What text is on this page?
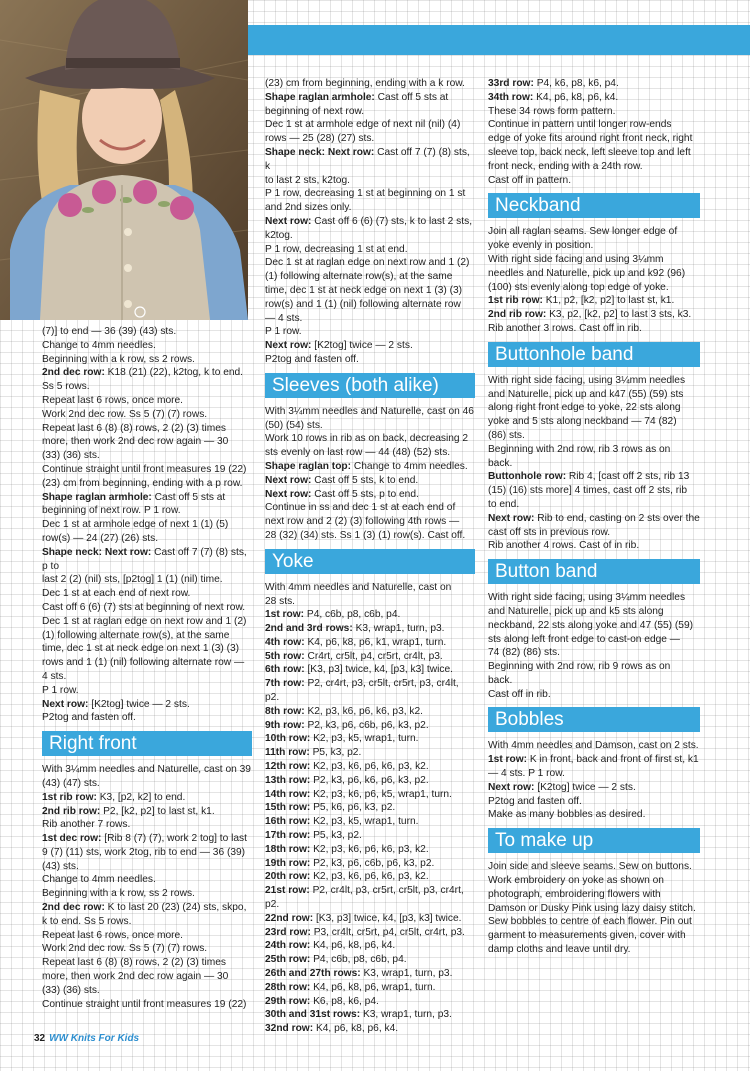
(7)] to end — 36 (39) (43) sts.

Change to 4mm needles.

Beginning with a k row, ss 2 rows.

2nd dec row: K18 (21) (22), k2tog, k to end.

Ss 5 rows.

Repeat last 6 rows, once more.

Work 2nd dec row. Ss 5 (7) (7) rows.

Repeat last 6 (8) (8) rows, 2 (2) (3) times

more, then work 2nd dec row again — 30

(33) (36) sts.

Continue straight until front measures 19 (22)

(23) cm from beginning, ending with a p row.

Shape raglan armhole: Cast off 5 sts at

beginning of next row. P 1 row.

Dec 1 st at armhole edge of next 1 (1) (5)

row(s) — 24 (27) (26) sts.

Shape neck: Next row: Cast off 7 (7) (8) sts, p to

last 2 (2) (nil) sts, [p2tog] 1 (1) (nil) time.

Dec 1 st at each end of next row.

Cast off 6 (6) (7) sts at beginning of next row.

Dec 1 st at raglan edge on next row and 1 (2)

(1) following alternate row(s), at the same

time, dec 1 st at neck edge on next 1 (3) (3)

rows and 1 (1) (nil) following alternate row —

4 sts.

P 1 row.

Next row: [K2tog] twice — 2 sts.

P2tog and fasten off.

Right front

With 3¼mm needles and Naturelle, cast on 39

(43) (47) sts.

1st rib row: K3, [p2, k2] to end.

2nd rib row: P2, [k2, p2] to last st, k1.

Rib another 7 rows.

1st dec row: [Rib 8 (7) (7), work 2 tog] to last

9 (7) (11) sts, work 2tog, rib to end — 36 (39)

(43) sts.

Change to 4mm needles.

Beginning with a k row, ss 2 rows.

2nd dec row: K to last 20 (23) (24) sts, skpo,

k to end. Ss 5 rows.

Repeat last 6 rows, once more.

Work 2nd dec row. Ss 5 (7) (7) rows.

Repeat last 6 (8) (8) rows, 2 (2) (3) times

more, then work 2nd dec row again — 30

(33) (36) sts.

Continue straight until front measures 19 (22)

(23) cm from beginning, ending with a k row.

Shape raglan armhole: Cast off 5 sts at

beginning of next row.

Dec 1 st at armhole edge of next nil (nil) (4)

rows — 25 (28) (27) sts.

Shape neck: Next row: Cast off 7 (7) (8) sts, k

to last 2 sts, k2tog.

P 1 row, decreasing 1 st at beginning on 1 st

and 2nd sizes only.

Next row: Cast off 6 (6) (7) sts, k to last 2 sts,

k2tog.

P 1 row, decreasing 1 st at end.

Dec 1 st at raglan edge on next row and 1 (2)

(1) following alternate row(s), at the same

time, dec 1 st at neck edge on next 1 (3) (3)

row(s) and 1 (1) (nil) following alternate row

— 4 sts.

P 1 row.

Next row: [K2tog] twice — 2 sts.

P2tog and fasten off.

Sleeves (both alike)

With 3¼mm needles and Naturelle, cast on 46

(50) (54) sts.

Work 10 rows in rib as on back, decreasing 2

sts evenly on last row — 44 (48) (52) sts.

Shape raglan top: Change to 4mm needles.

Next row: Cast off 5 sts, k to end.

Next row: Cast off 5 sts, p to end.

Continue in ss and dec 1 st at each end of

next row and 2 (2) (3) following 4th rows —

28 (32) (34) sts. Ss 1 (3) (1) row(s). Cast off.

Yoke

With 4mm needles and Naturelle, cast on

28 sts.

1st row: P4, c6b, p8, c6b, p4.

2nd and 3rd rows: K3, wrap1, turn, p3.

4th row: K4, p6, k8, p6, k1, wrap1, turn.

5th row: Cr4rt, cr5lt, p4, cr5rt, cr4lt, p3.

6th row: [K3, p3] twice, k4, [p3, k3] twice.

7th row: P2, cr4rt, p3, cr5lt, cr5rt, p3, cr4lt, p2.

8th row: K2, p3, k6, p6, k6, p3, k2.

9th row: P2, k3, p6, c6b, p6, k3, p2.

10th row: K2, p3, k5, wrap1, turn.

11th row: P5, k3, p2.

12th row: K2, p3, k6, p6, k6, p3, k2.

13th row: P2, k3, p6, k6, p6, k3, p2.

14th row: K2, p3, k6, p6, k5, wrap1, turn.

15th row: P5, k6, p6, k3, p2.

16th row: K2, p3, k5, wrap1, turn.

17th row: P5, k3, p2.

18th row: K2, p3, k6, p6, k6, p3, k2.

19th row: P2, k3, p6, c6b, p6, k3, p2.

20th row: K2, p3, k6, p6, k6, p3, k2.

21st row: P2, cr4lt, p3, cr5rt, cr5lt, p3, cr4rt, p2.

22nd row: [K3, p3] twice, k4, [p3, k3] twice.

23rd row: P3, cr4lt, cr5rt, p4, cr5lt, cr4rt, p3.

24th row: K4, p6, k8, p6, k4.

25th row: P4, c6b, p8, c6b, p4.

26th and 27th rows: K3, wrap1, turn, p3.

28th row: K4, p6, k8, p6, wrap1, turn.

29th row: K6, p8, k6, p4.

30th and 31st rows: K3, wrap1, turn, p3.

32nd row: K4, p6, k8, p6, k4.

33rd row: P4, k6, p8, k6, p4.

34th row: K4, p6, k8, p6, k4.

These 34 rows form pattern.

Continue in pattern until longer row-ends

edge of yoke fits around right front neck, right

sleeve top, back neck, left sleeve top and left

front neck, ending with a 24th row.

Cast off in pattern.

Neckband

Join all raglan seams. Sew longer edge of

yoke evenly in position.

With right side facing and using 3¼mm

needles and Naturelle, pick up and k92 (96)

(100) sts evenly along top edge of yoke.

1st rib row: K1, p2, [k2, p2] to last st, k1.

2nd rib row: K3, p2, [k2, p2] to last 3 sts, k3.

Rib another 3 rows. Cast off in rib.

Buttonhole band

With right side facing, using 3¼mm needles

and Naturelle, pick up and k47 (55) (59) sts

along right front edge to yoke, 22 sts along

yoke and 5 sts along neckband — 74 (82)

(86) sts.

Beginning with 2nd row, rib 3 rows as on

back.

Buttonhole row: Rib 4, [cast off 2 sts, rib 13

(15) (16) sts more] 4 times, cast off 2 sts, rib

to end.

Next row: Rib to end, casting on 2 sts over the

cast off sts in previous row.

Rib another 4 rows. Cast of in rib.

Button band

With right side facing, using 3¼mm needles

and Naturelle, pick up and k5 sts along

neckband, 22 sts along yoke and 47 (55) (59)

sts along left front edge to cast-on edge —

74 (82) (86) sts.

Beginning with 2nd row, rib 9 rows as on

back.

Cast off in rib.

Bobbles

With 4mm needles and Damson, cast on 2 sts.

1st row: K in front, back and front of first st, k1

— 4 sts. P 1 row.

Next row: [K2tog] twice — 2 sts.

P2tog and fasten off.

Make as many bobbles as desired.

To make up

Join side and sleeve seams. Sew on buttons.

Work embroidery on yoke as shown on

photograph, embroidering flowers with

Damson or Dusky Pink using lazy daisy stitch.

Sew bobbles to centre of each flower. Pin out

garment to measurements given, cover with

damp cloths and leave until dry.

32 WW Knits For Kids
